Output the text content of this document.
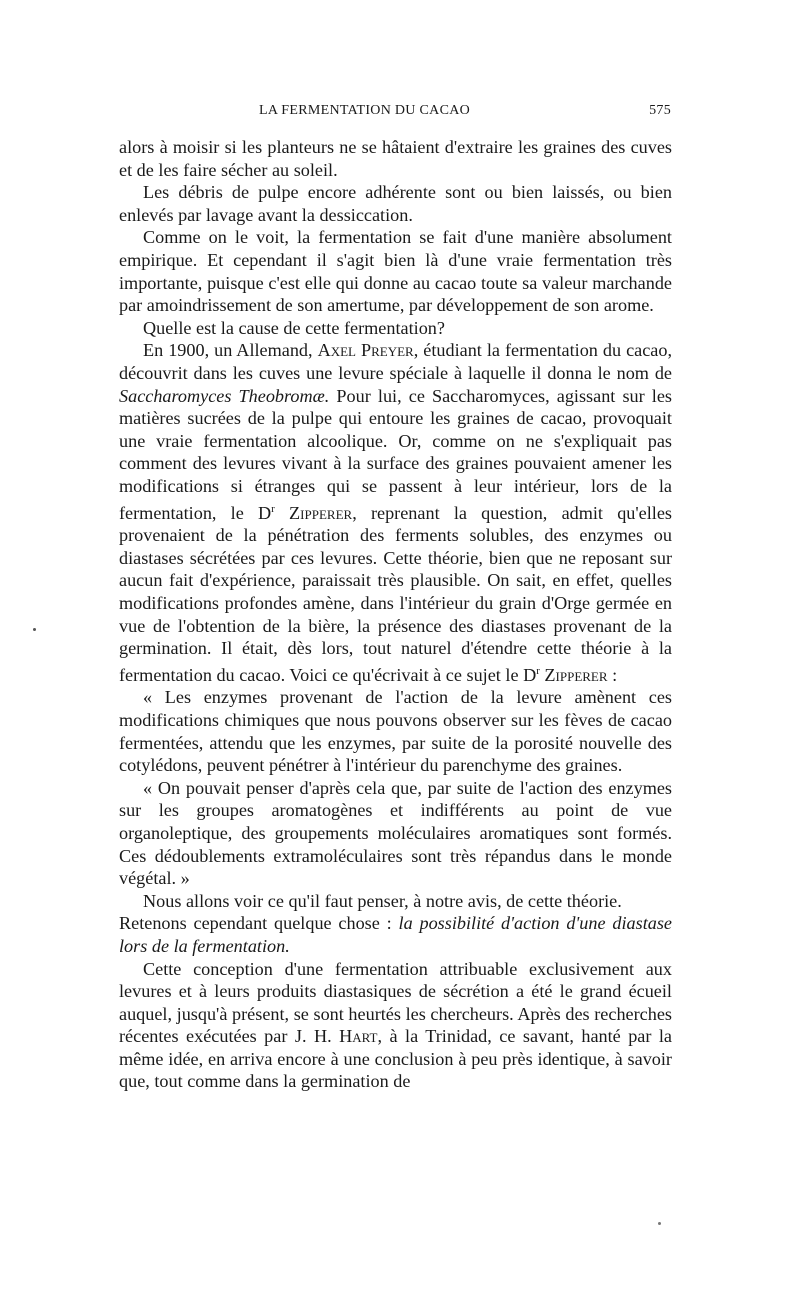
LA FERMENTATION DU CACAO	575

alors à moisir si les planteurs ne se hâtaient d'extraire les graines des cuves et de les faire sécher au soleil.

Les débris de pulpe encore adhérente sont ou bien laissés, ou bien enlevés par lavage avant la dessiccation.

Comme on le voit, la fermentation se fait d'une manière absolument empirique. Et cependant il s'agit bien là d'une vraie fermentation très importante, puisque c'est elle qui donne au cacao toute sa valeur marchande par amoindrissement de son amertume, par développement de son arome.

Quelle est la cause de cette fermentation?

En 1900, un Allemand, Axel Preyer, étudiant la fermentation du cacao, découvrit dans les cuves une levure spéciale à laquelle il donna le nom de Saccharomyces Theobromæ. Pour lui, ce Saccharomyces, agissant sur les matières sucrées de la pulpe qui entoure les graines de cacao, provoquait une vraie fermentation alcoolique. Or, comme on ne s'expliquait pas comment des levures vivant à la surface des graines pouvaient amener les modifications si étranges qui se passent à leur intérieur, lors de la fermentation, le $D^r$ Zipperer, reprenant la question, admit qu'elles provenaient de la pénétration des ferments solubles, des enzymes ou diastases sécrétées par ces levures. Cette théorie, bien que ne reposant sur aucun fait d'expérience, paraissait très plausible. On sait, en effet, quelles modifications profondes amène, dans l'intérieur du grain d'Orge germée en vue de l'obtention de la bière, la présence des diastases provenant de la germination. Il était, dès lors, tout naturel d'étendre cette théorie à la fermentation du cacao. Voici ce qu'écrivait à ce sujet le $D^r$ Zipperer :

« Les enzymes provenant de l'action de la levure amènent ces modifications chimiques que nous pouvons observer sur les fèves de cacao fermentées, attendu que les enzymes, par suite de la porosité nouvelle des cotylédons, peuvent pénétrer à l'intérieur du parenchyme des graines.

« On pouvait penser d'après cela que, par suite de l'action des enzymes sur les groupes aromatogènes et indifférents au point de vue organoleptique, des groupements moléculaires aromatiques sont formés. Ces dédoublements extramoléculaires sont très répandus dans le monde végétal. »

Nous allons voir ce qu'il faut penser, à notre avis, de cette théorie.

Retenons cependant quelque chose : la possibilité d'action d'une diastase lors de la fermentation.

Cette conception d'une fermentation attribuable exclusivement aux levures et à leurs produits diastasiques de sécrétion a été le grand écueil auquel, jusqu'à présent, se sont heurtés les chercheurs. Après des recherches récentes exécutées par J. H. Hart, à la Trinidad, ce savant, hanté par la même idée, en arriva encore à une conclusion à peu près identique, à savoir que, tout comme dans la germination de
